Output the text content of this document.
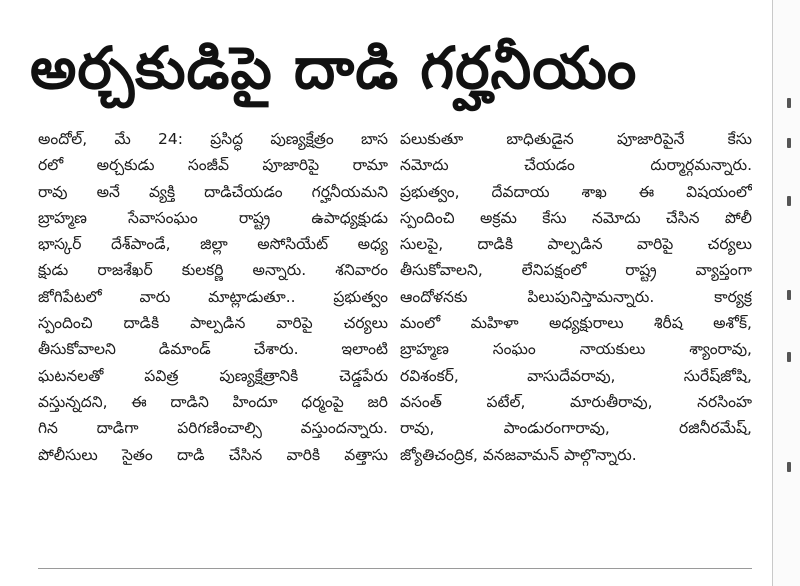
అర్చకుడిపై దాడి గర్హనీయం
అందోల్, మే 24: ప్రసిద్ధ పుణ్యక్షేత్రం బాస
రలో అర్చకుడు సంజీవ్ పూజారిపై రామా
రావు అనే వ్యక్తి దాడిచేయడం గర్హనీయమని
బ్రాహ్మణ సేవాసంఘం రాష్ట్ర ఉపాధ్యక్షుడు
భాస్కర్ దేశ్‌పాండే, జిల్లా అసోసియేట్ అధ్య
క్షుడు రాజశేఖర్ కులకర్ణి అన్నారు. శనివారం
జోగిపేటలో వారు మాట్లాడుతూ.. ప్రభుత్వం
స్పందించి దాడికి పాల్పడిన వారిపై చర్యలు
తీసుకోవాలని డిమాండ్ చేశారు. ఇలాంటి
ఘటనలతో పవిత్ర పుణ్యక్షేత్రానికి చెడ్డపేరు
వస్తున్నదని, ఈ దాడిని హిందూ ధర్మంపై జరి
గిన దాడిగా పరిగణించాల్సి వస్తుందన్నారు.
పోలీసులు సైతం దాడి చేసిన వారికి వత్తాసు
పలుకుతూ బాధితుడైన పూజారిపైనే కేసు
నమోదు చేయడం దుర్మార్గమన్నారు.
ప్రభుత్వం, దేవదాయ శాఖ ఈ విషయంలో
స్పందించి అక్రమ కేసు నమోదు చేసిన పోలీ
సులపై, దాడికి పాల్పడిన వారిపై చర్యలు
తీసుకోవాలని, లేనిపక్షంలో రాష్ట్ర వ్యాప్తంగా
ఆందోళనకు పిలుపునిస్తామన్నారు. కార్యక్ర
మంలో మహిళా అధ్యక్షురాలు శిరీష అశోక్,
బ్రాహ్మణ సంఘం నాయకులు శ్యాంరావు,
రవిశంకర్, వాసుదేవరావు, సురేష్‌జోషి,
వసంత్ పటేల్, మారుతీరావు, నరసింహ
రావు, పాండురంగారావు, రజినీరమేష్,
జ్యోతిచంద్రిక, వనజవామన్ పాల్గొన్నారు.
